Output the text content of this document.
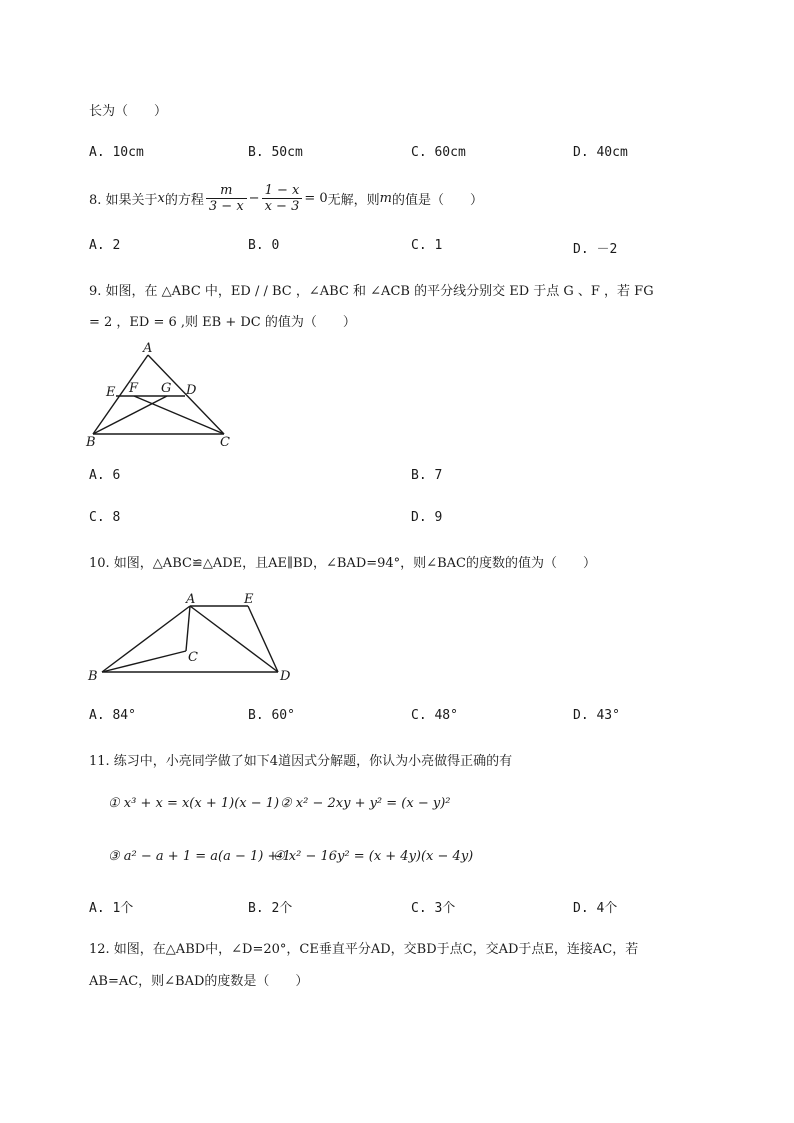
长为（　　）
A. 10cm	B. 50cm	C. 60cm	D. 40cm
8. 如果关于 x 的方程 $\frac{m}{3 - x} - \frac{1 - x}{x - 3} = 0$ 无解，则 m 的值是（　　）
A. 2	B. 0	C. 1	D. －2
9. 如图，在 △ABC 中，ED / / BC ，∠ABC 和 ∠ACB 的平分线分别交 ED 于点 G 、F ，若 FG
= 2 ，ED = 6 ,则 EB + DC 的值为（　　）
A
E F G D
B	C
A. 6	B. 7
C. 8	D. 9
10. 如图，△ABC≌△ADE，且AE∥BD，∠BAD=94°，则∠BAC的度数的值为（　　）
A	E
C
B	D
A. 84°	B. 60°	C. 48°	D. 43°
11. 练习中，小亮同学做了如下4道因式分解题，你认为小亮做得正确的有
① x³ + x = x(x + 1)(x − 1) ② x² − 2xy + y² = (x − y)²
③ a² − a + 1 = a(a − 1) + 1
④ x² − 16y² = (x + 4y)(x − 4y)
A. 1个	B. 2个	C. 3个	D. 4个
12. 如图，在△ABD中，∠D=20°，CE垂直平分AD，交BD于点C，交AD于点E，连接AC，若
AB=AC，则∠BAD的度数是（　　）
